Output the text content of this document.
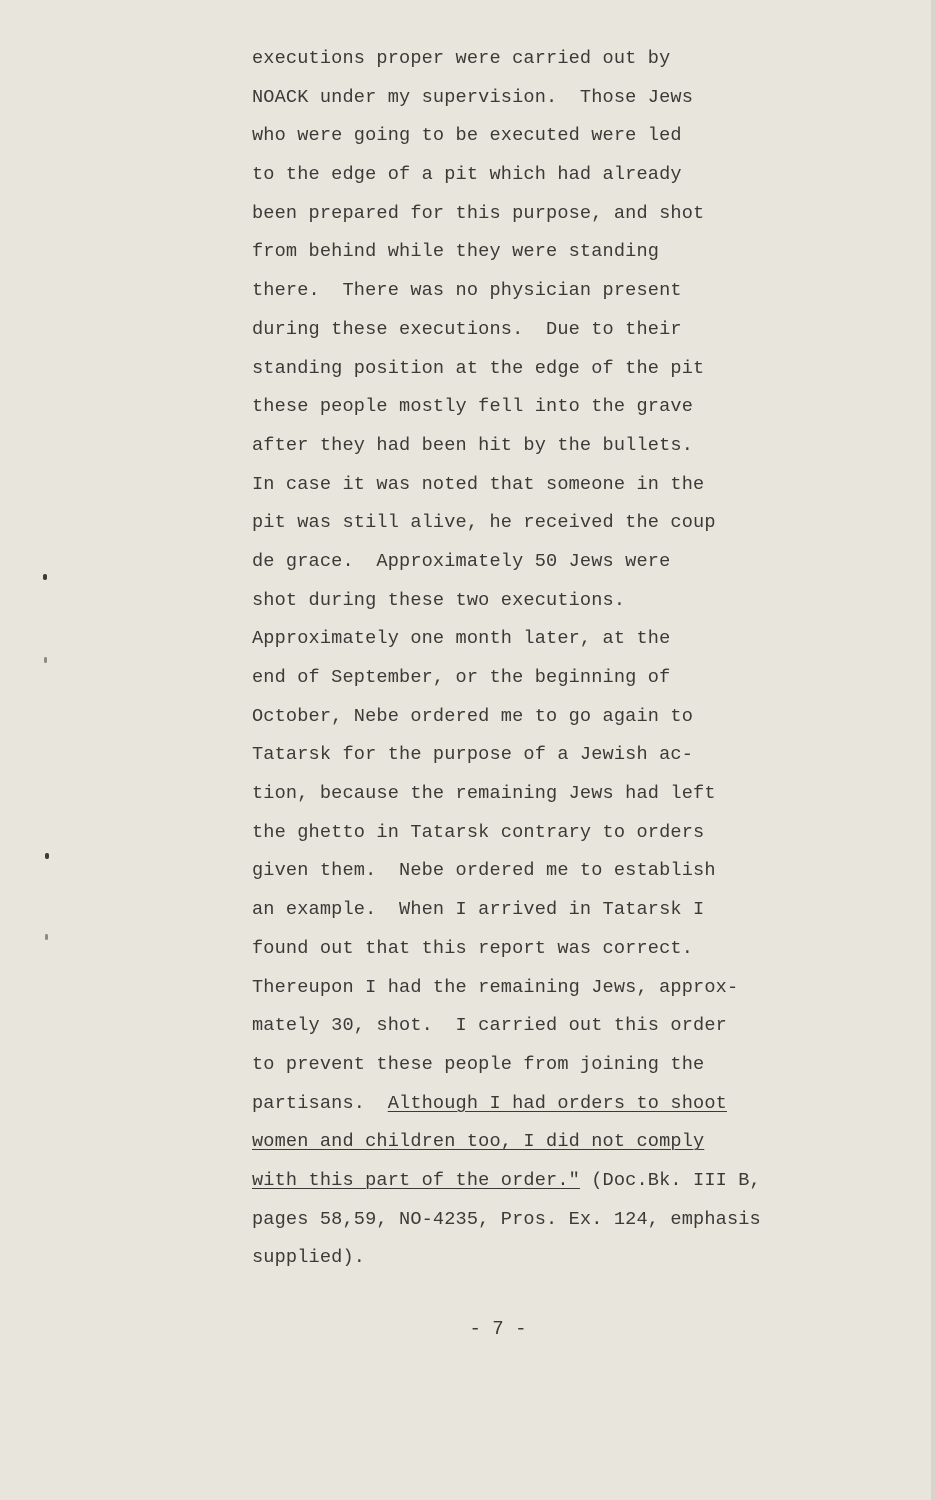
executions proper were carried out by
NOACK under my supervision.  Those Jews
who were going to be executed were led
to the edge of a pit which had already
been prepared for this purpose, and shot
from behind while they were standing
there.  There was no physician present
during these executions.  Due to their
standing position at the edge of the pit
these people mostly fell into the grave
after they had been hit by the bullets.
In case it was noted that someone in the
pit was still alive, he received the coup
de grace.  Approximately 50 Jews were
shot during these two executions.
Approximately one month later, at the
end of September, or the beginning of
October, Nebe ordered me to go again to
Tatarsk for the purpose of a Jewish ac-
tion, because the remaining Jews had left
the ghetto in Tatarsk contrary to orders
given them.  Nebe ordered me to establish
an example.  When I arrived in Tatarsk I
found out that this report was correct.
Thereupon I had the remaining Jews, approx-
mately 30, shot.  I carried out this order
to prevent these people from joining the
partisans.  Although I had orders to shoot
women and children too, I did not comply
with this part of the order." (Doc.Bk. III B,
pages 58,59, NO-4235, Pros. Ex. 124, emphasis
supplied).
- 7 -
